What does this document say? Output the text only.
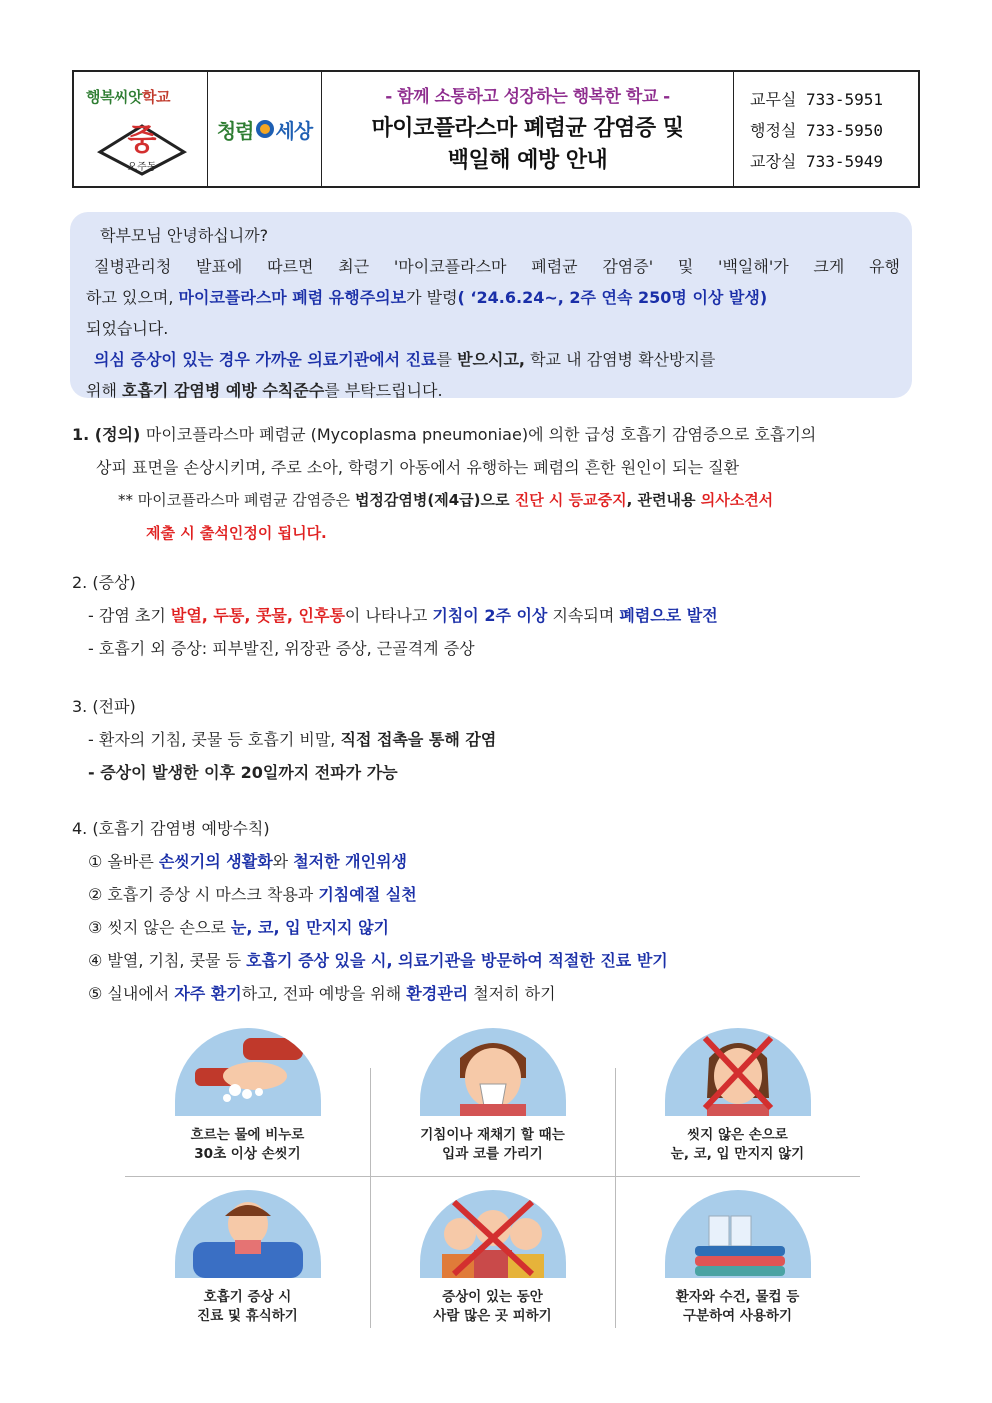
행복씨앗학교
중
오주동
청렴 세상
- 함께 소통하고 성장하는 행복한 학교 -
마이코플라스마 폐렴균 감염증 및
백일해 예방 안내
교무실 733-5951
행정실 733-5950
교장실 733-5949

학부모님 안녕하십니까?

질병관리청 발표에 따르면 최근 '마이코플라스마 폐렴균 감염증' 및 '백일해'가 크게 유행

하고 있으며, 마이코플라스마 폐렴 유행주의보가 발령( ‘24.6.24~, 2주 연속 250명 이상 발생)

되었습니다.

의심 증상이 있는 경우 가까운 의료기관에서 진료를 받으시고, 학교 내 감염병 확산방지를

위해 호흡기 감염병 예방 수칙준수를 부탁드립니다.

1. (정의) 마이코플라스마 폐렴균 (Mycoplasma pneumoniae)에 의한 급성 호흡기 감염증으로 호흡기의

상피 표면을 손상시키며, 주로 소아, 학령기 아동에서 유행하는 폐렴의 흔한 원인이 되는 질환

** 마이코플라스마 폐렴균 감염증은 법정감염병(제4급)으로 진단 시 등교중지, 관련내용 의사소견서

제출 시 출석인정이 됩니다.

2. (증상)

- 감염 초기 발열, 두통, 콧물, 인후통이 나타나고 기침이 2주 이상 지속되며 폐렴으로 발전

- 호흡기 외 증상: 피부발진, 위장관 증상, 근골격계 증상

3. (전파)

- 환자의 기침, 콧물 등 호흡기 비말, 직접 접촉을 통해 감염

- 증상이 발생한 이후 20일까지 전파가 가능

4. (호흡기 감염병 예방수칙)

① 올바른 손씻기의 생활화와 철저한 개인위생

② 호흡기 증상 시 마스크 착용과 기침예절 실천

③ 씻지 않은 손으로 눈, 코, 입 만지지 않기

④ 발열, 기침, 콧물 등 호흡기 증상 있을 시, 의료기관을 방문하여 적절한 진료 받기

⑤ 실내에서 자주 환기하고, 전파 예방을 위해 환경관리 철저히 하기

흐르는 물에 비누로
30초 이상 손씻기
기침이나 재채기 할 때는
입과 코를 가리기
씻지 않은 손으로
눈, 코, 입 만지지 않기
호흡기 증상 시
진료 및 휴식하기
증상이 있는 동안
사람 많은 곳 피하기
환자와 수건, 물컵 등
구분하여 사용하기
